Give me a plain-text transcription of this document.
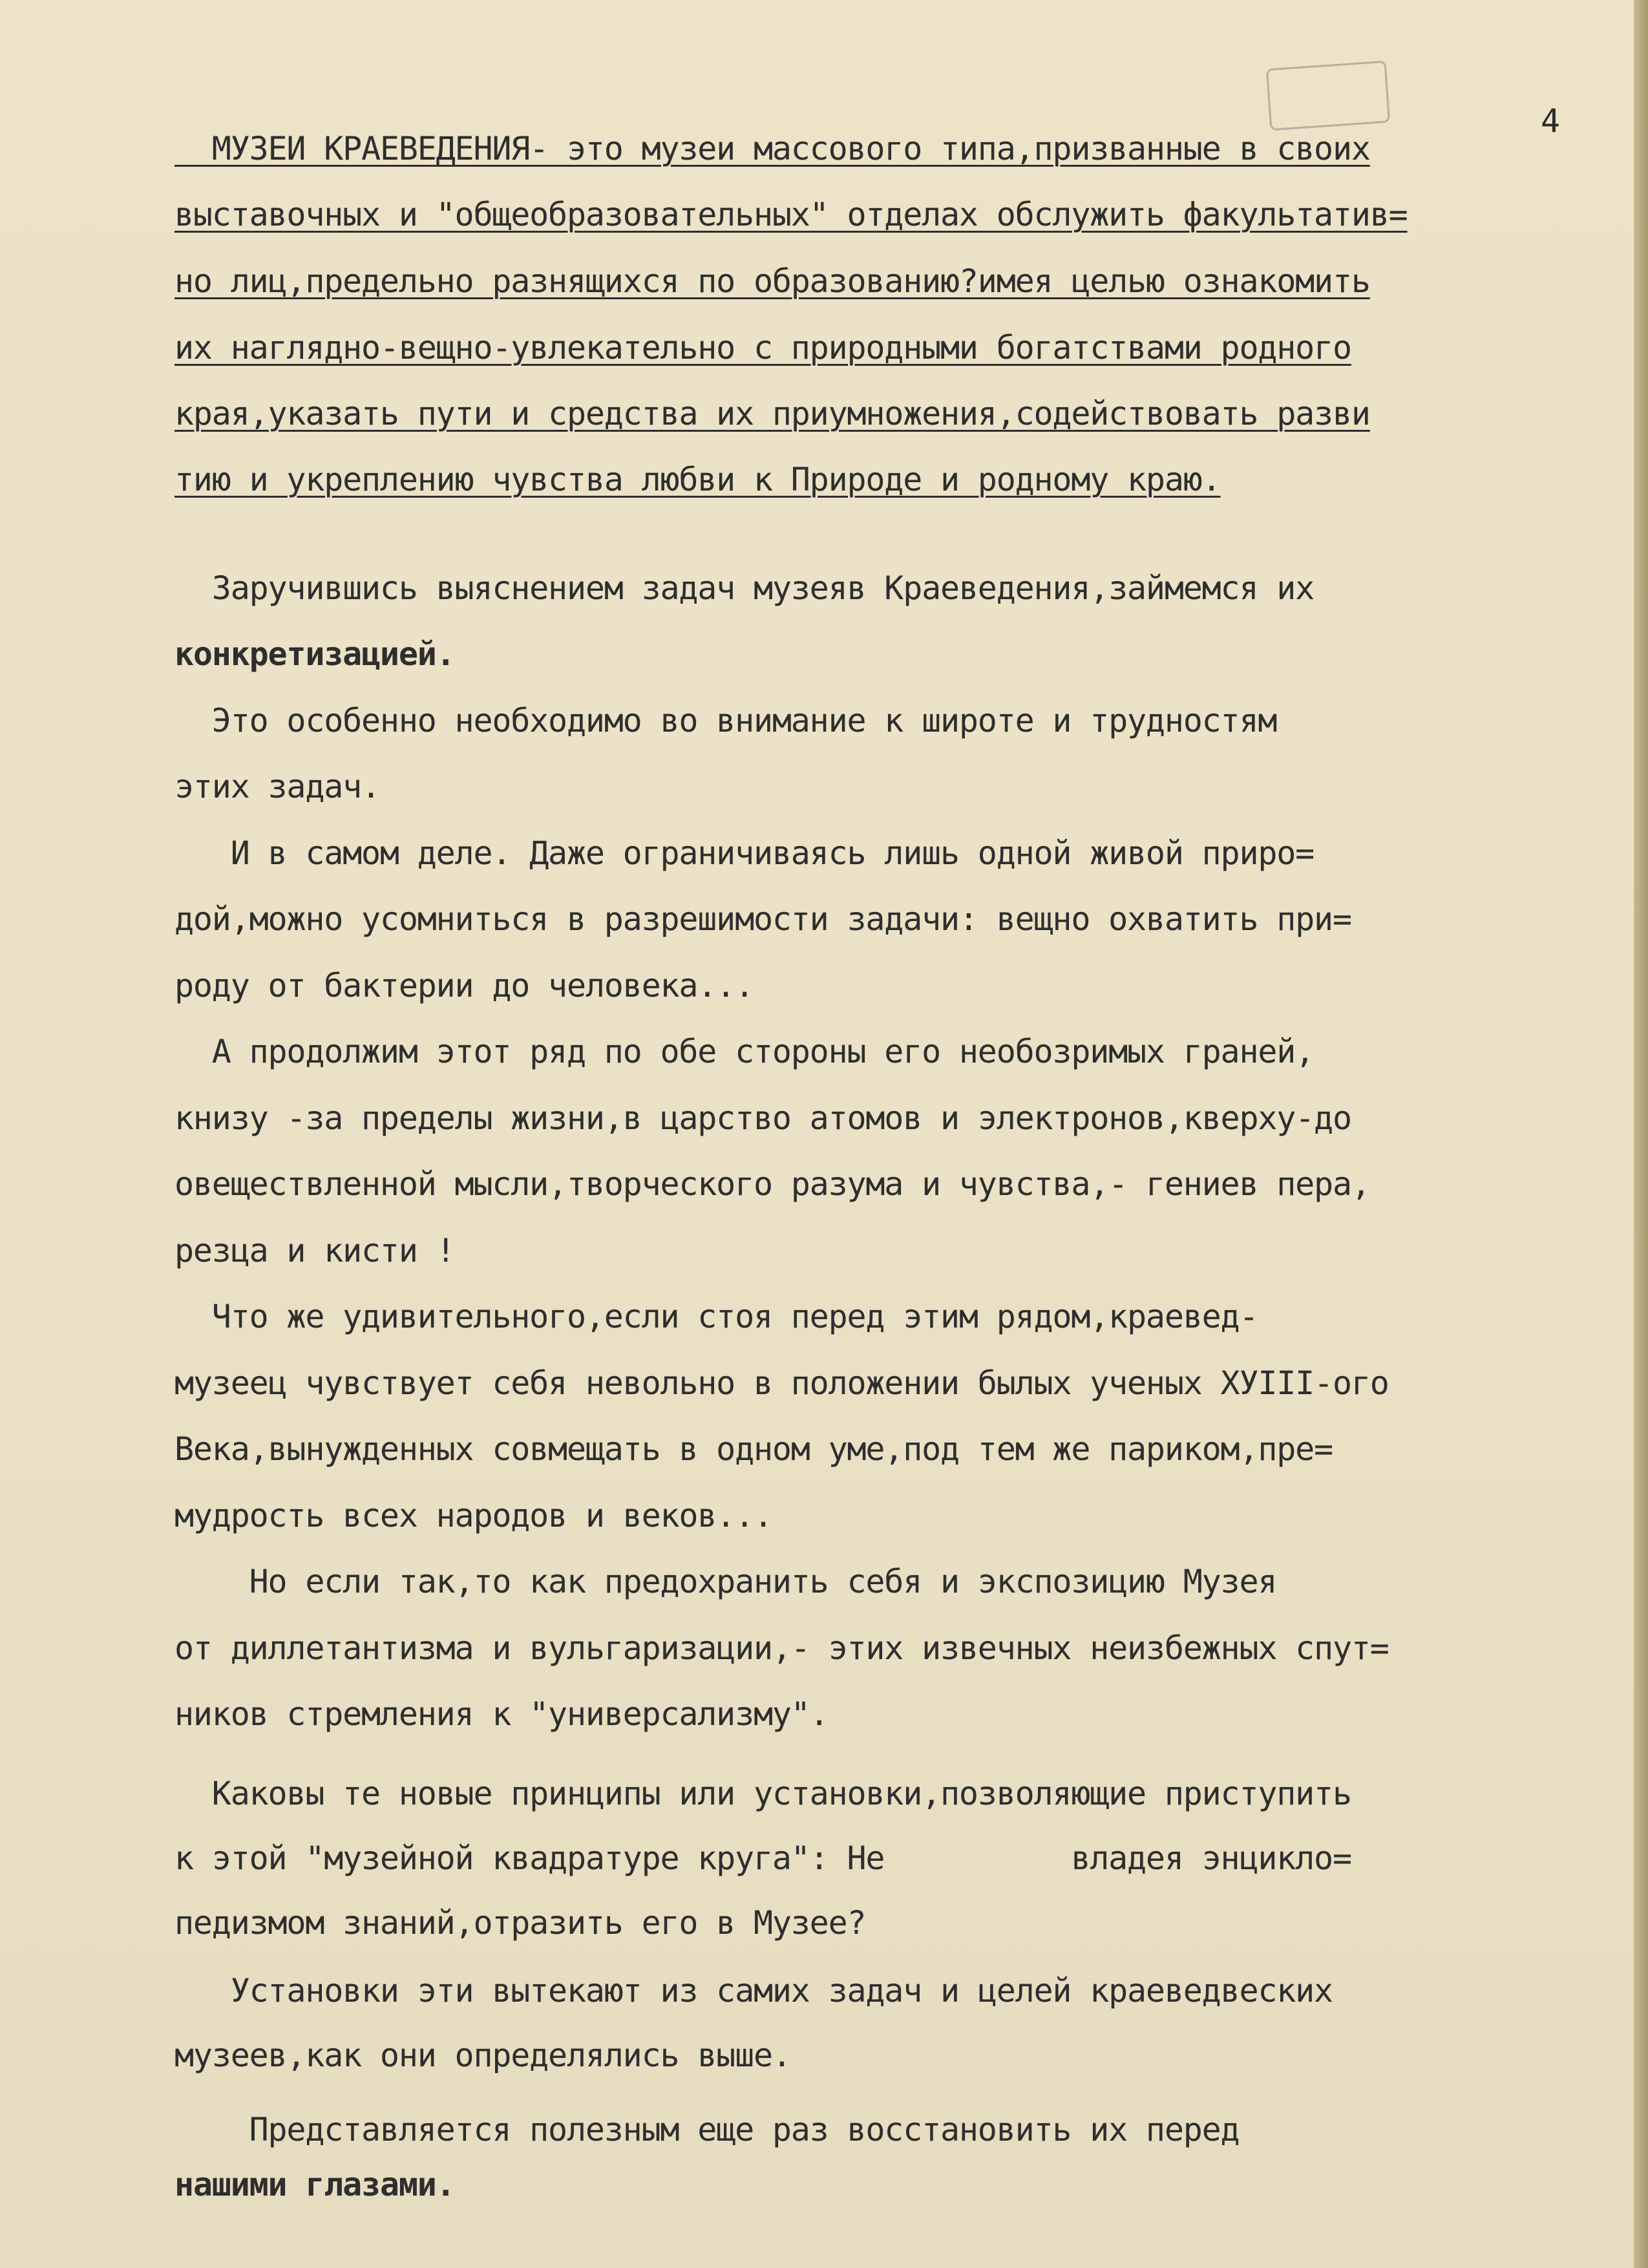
4
МУЗЕИ КРАЕВЕДЕНИЯ- это музеи массового типа,призванные в своих
выставочных и "общеобразовательных" отделах обслужить факультатив=
но лиц,предельно разнящихся по образованию?имея целью ознакомить
их наглядно-вещно-увлекательно с природными богатствами родного
края,указать пути и средства их приумножения,содействовать разви
тию и укреплению чувства любви к Природе и родному краю.
Заручившись выяснением задач музеяв Краеведения,займемся их
конкретизацией.
Это особенно необходимо во внимание к широте и трудностям
этих задач.
И в самом деле. Даже ограничиваясь лишь одной живой приро=
дой,можно усомниться в разрешимости задачи: вещно охватить при=
роду от бактерии до человека...
А продолжим этот ряд по обе стороны его необозримых граней,
книзу -за пределы жизни,в царство атомов и электронов,кверху-до
овеществленной мысли,творческого разума и чувства,- гениев пера,
резца и кисти !
Что же удивительного,если стоя перед этим рядом,краевед-
музеец чувствует себя невольно в положении былых ученых ХУIII-ого
Века,вынужденных совмещать в одном уме,под тем же париком,пре=
мудрость всех народов и веков...
Но если так,то как предохранить себя и экспозицию Музея
от диллетантизма и вульгаризации,- этих извечных неизбежных спут=
ников стремления к "универсализму".
Каковы те новые принципы или установки,позволяющие приступить
к этой "музейной квадратуре круга": Не          владея энцикло=
педизмом знаний,отразить его в Музее?
Установки эти вытекают из самих задач и целей краеведвеских
музеев,как они определялись выше.
Представляется полезным еще раз восстановить их перед
нашими глазами.
